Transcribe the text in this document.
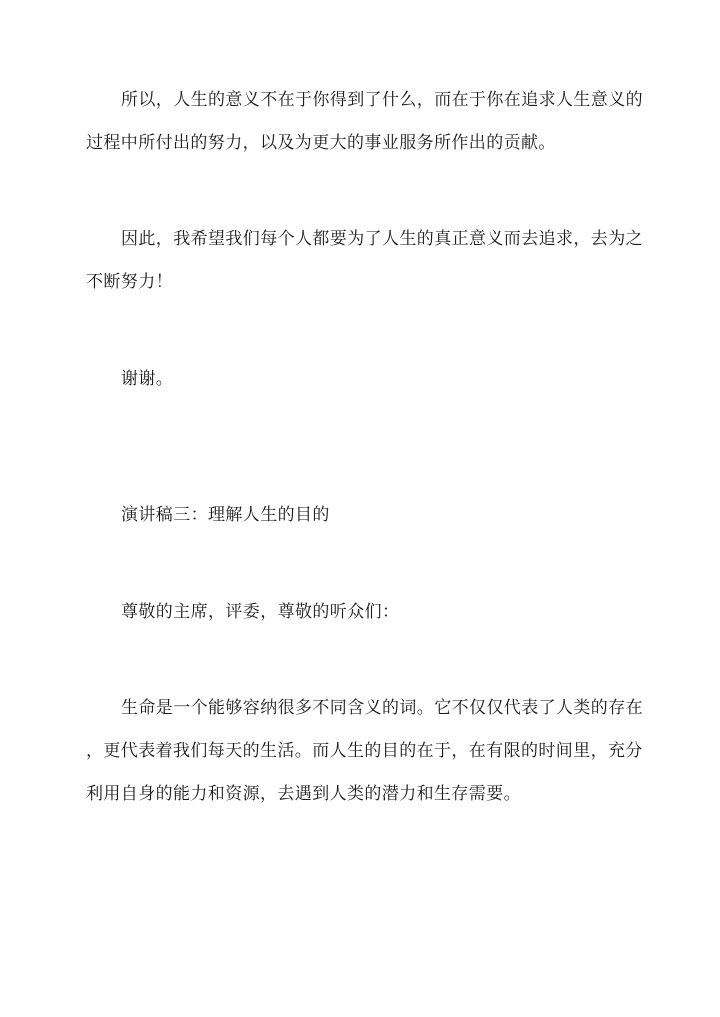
所以，人生的意义不在于你得到了什么，而在于你在追求人生意义的
过程中所付出的努力，以及为更大的事业服务所作出的贡献。
因此，我希望我们每个人都要为了人生的真正意义而去追求，去为之
不断努力！
谢谢。
演讲稿三：理解人生的目的
尊敬的主席，评委，尊敬的听众们：
生命是一个能够容纳很多不同含义的词。它不仅仅代表了人类的存在
，更代表着我们每天的生活。而人生的目的在于，在有限的时间里，充分
利用自身的能力和资源，去遇到人类的潜力和生存需要。
